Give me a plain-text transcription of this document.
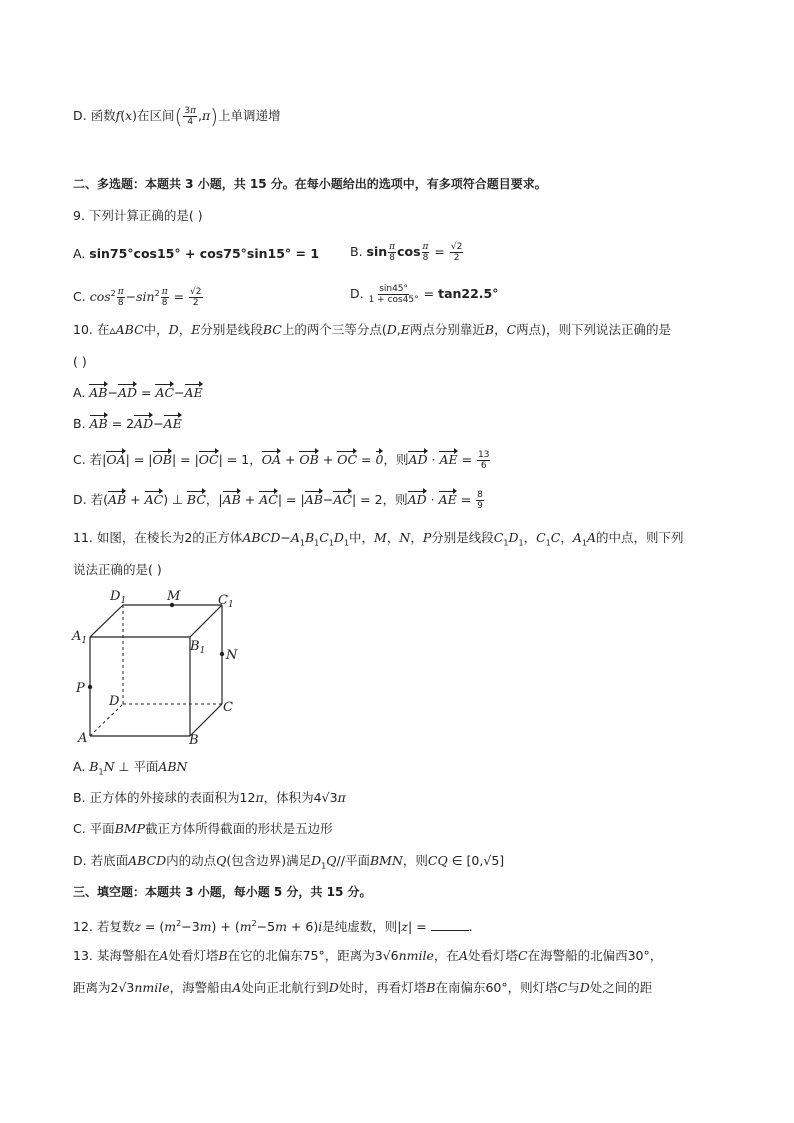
D. 函数f(x)在区间( $\frac{3\pi}{4} ,\pi$)上单调递增
二、多选题：本题共 3 小题，共 15 分。在每小题给出的选项中，有多项符合题目要求。
9. 下列计算正确的是( )
A. sin75°cos15° + cos75°sin15° = 1 B. $\sin \frac{\pi}{8}$ $\cos \frac{\pi}{8} = \frac{√2}{2}$
C. $\cos^2 \frac{\pi}{8} -\sin^2 \frac{\pi}{8} = \frac{√2}{2}$	D. $\frac{\sin 45^\circ}{1 + \cos 45^\circ} = \tan 22.5^\circ$
10. 在▵ABC中，D，E分别是线段BC上的两个三等分点(D,E两点分别靠近B，C两点)，则下列说法正确的是
( )
A. AB−AD = AC−AE
B. AB = 2AD−AE
C. 若|OA| = |OB| = |OC| = 1，OA + OB + OC = 0，则AD · AE = $\frac{13}{6}$
D. 若(AB + AC) ⊥ BC，|AB + AC| = |AB−AC| = 2，则AD · AE = $\frac{8}{9}$
11. 如图，在棱长为2的正方体$ABCD-A_1B_1C_1D_1$中，M，N，P分别是线段$C_1D_1$，$C_1C$，$A_1A$的中点，则下列
说法正确的是( )
$D_1$	M	$C_1$
$A_1$	$B_1$ N
P
D	C
A	B
A. $B_1N$ ⊥ 平面ABN
B. 正方体的外接球的表面积为12π，体积为4√3π
C. 平面BMP截正方体所得截面的形状是五边形
D. 若底面ABCD内的动点Q(包含边界)满足$D_1Q//$平面BMN，则CQ ∈ [0,√5]
三、填空题：本题共 3 小题，每小题 5 分，共 15 分。
12. 若复数$z = (m^2-3m) + (m^2-5m + 6)i$是纯虚数，则|z| =	.
13. 某海警船在A处看灯塔B在它的北偏东75°，距离为3√6nmile，在A处看灯塔C在海警船的北偏西30°，
距离为2√3nmile，海警船由A处向正北航行到D处时，再看灯塔B在南偏东60°，则灯塔C与D处之间的距
